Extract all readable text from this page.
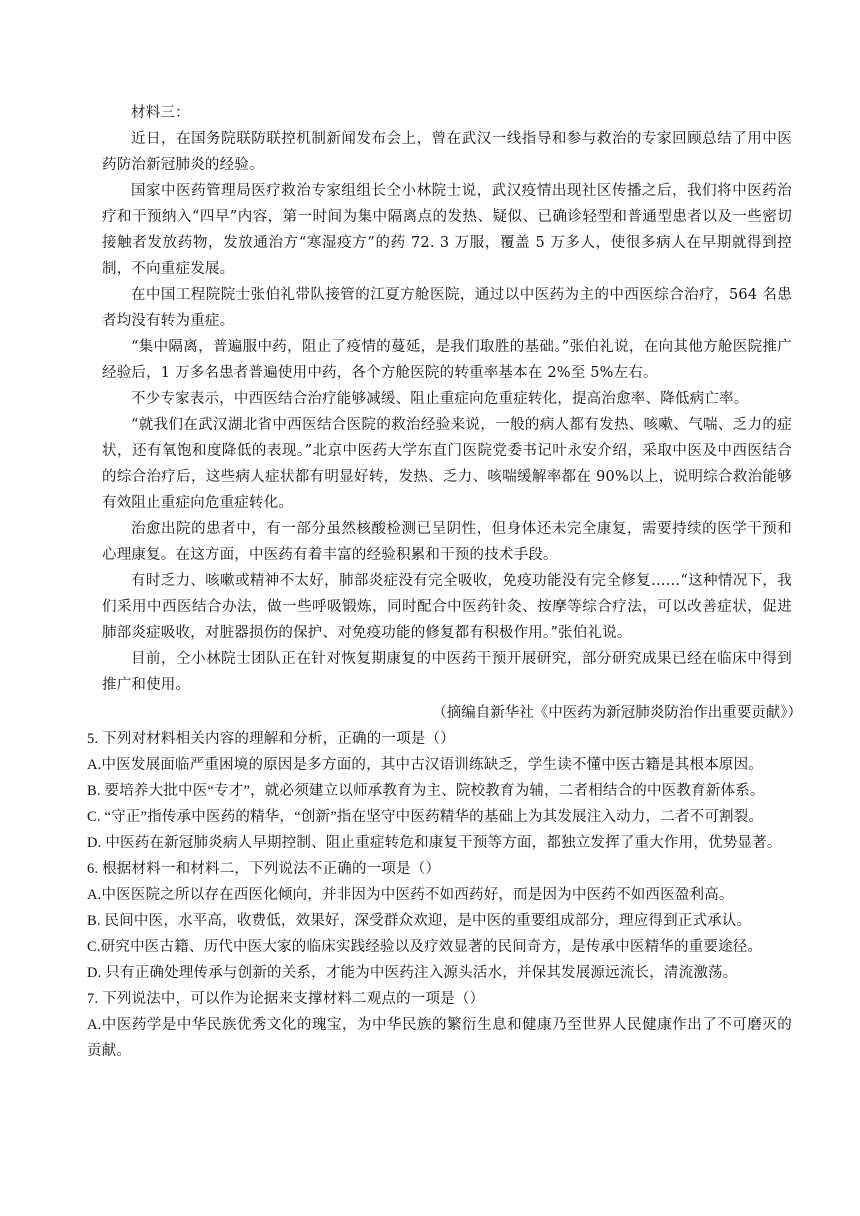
材料三：

近日，在国务院联防联控机制新闻发布会上，曾在武汉一线指导和参与救治的专家回顾总结了用中医药防治新冠肺炎的经验。

国家中医药管理局医疗救治专家组组长仝小林院士说，武汉疫情出现社区传播之后，我们将中医药治疗和干预纳入“四早”内容，第一时间为集中隔离点的发热、疑似、已确诊轻型和普通型患者以及一些密切接触者发放药物，发放通治方“寒湿疫方”的药 72. 3 万服，覆盖 5 万多人，使很多病人在早期就得到控制，不向重症发展。

在中国工程院院士张伯礼带队接管的江夏方舱医院，通过以中医药为主的中西医综合治疗，564 名患者均没有转为重症。

“集中隔离，普遍服中药，阻止了疫情的蔓延，是我们取胜的基础。”张伯礼说，在向其他方舱医院推广经验后，1 万多名患者普遍使用中药，各个方舱医院的转重率基本在 2%至 5%左右。

不少专家表示，中西医结合治疗能够减缓、阻止重症向危重症转化，提高治愈率、降低病亡率。

“就我们在武汉湖北省中西医结合医院的救治经验来说，一般的病人都有发热、咳嗽、气喘、乏力的症状，还有氧饱和度降低的表现。”北京中医药大学东直门医院党委书记叶永安介绍，采取中医及中西医结合的综合治疗后，这些病人症状都有明显好转，发热、乏力、咳喘缓解率都在 90%以上，说明综合救治能够有效阻止重症向危重症转化。

治愈出院的患者中，有一部分虽然核酸检测已呈阴性，但身体还未完全康复，需要持续的医学干预和心理康复。在这方面，中医药有着丰富的经验积累和干预的技术手段。

有时乏力、咳嗽或精神不太好，肺部炎症没有完全吸收，免疫功能没有完全修复……“这种情况下，我们采用中西医结合办法，做一些呼吸锻炼，同时配合中医药针灸、按摩等综合疗法，可以改善症状，促进肺部炎症吸收，对脏器损伤的保护、对免疫功能的修复都有积极作用。”张伯礼说。

目前，仝小林院士团队正在针对恢复期康复的中医药干预开展研究，部分研究成果已经在临床中得到推广和使用。

（摘编自新华社《中医药为新冠肺炎防治作出重要贡献》）

5. 下列对材料相关内容的理解和分析，正确的一项是（）

A.中医发展面临严重困境的原因是多方面的，其中古汉语训练缺乏，学生读不懂中医古籍是其根本原因。

B. 要培养大批中医“专才”，就必须建立以师承教育为主、院校教育为辅，二者相结合的中医教育新体系。

C. “守正”指传承中医药的精华，“创新”指在坚守中医药精华的基础上为其发展注入动力，二者不可割裂。

D. 中医药在新冠肺炎病人早期控制、阻止重症转危和康复干预等方面，都独立发挥了重大作用，优势显著。

6. 根据材料一和材料二，下列说法不正确的一项是（）

A.中医医院之所以存在西医化倾向，并非因为中医药不如西药好，而是因为中医药不如西医盈利高。

B. 民间中医，水平高，收费低，效果好，深受群众欢迎，是中医的重要组成部分，理应得到正式承认。

C.研究中医古籍、历代中医大家的临床实践经验以及疗效显著的民间奇方，是传承中医精华的重要途径。

D. 只有正确处理传承与创新的关系，才能为中医药注入源头活水，并保其发展源远流长，清流激荡。

7. 下列说法中，可以作为论据来支撑材料二观点的一项是（）

A.中医药学是中华民族优秀文化的瑰宝，为中华民族的繁衍生息和健康乃至世界人民健康作出了不可磨灭的贡献。
